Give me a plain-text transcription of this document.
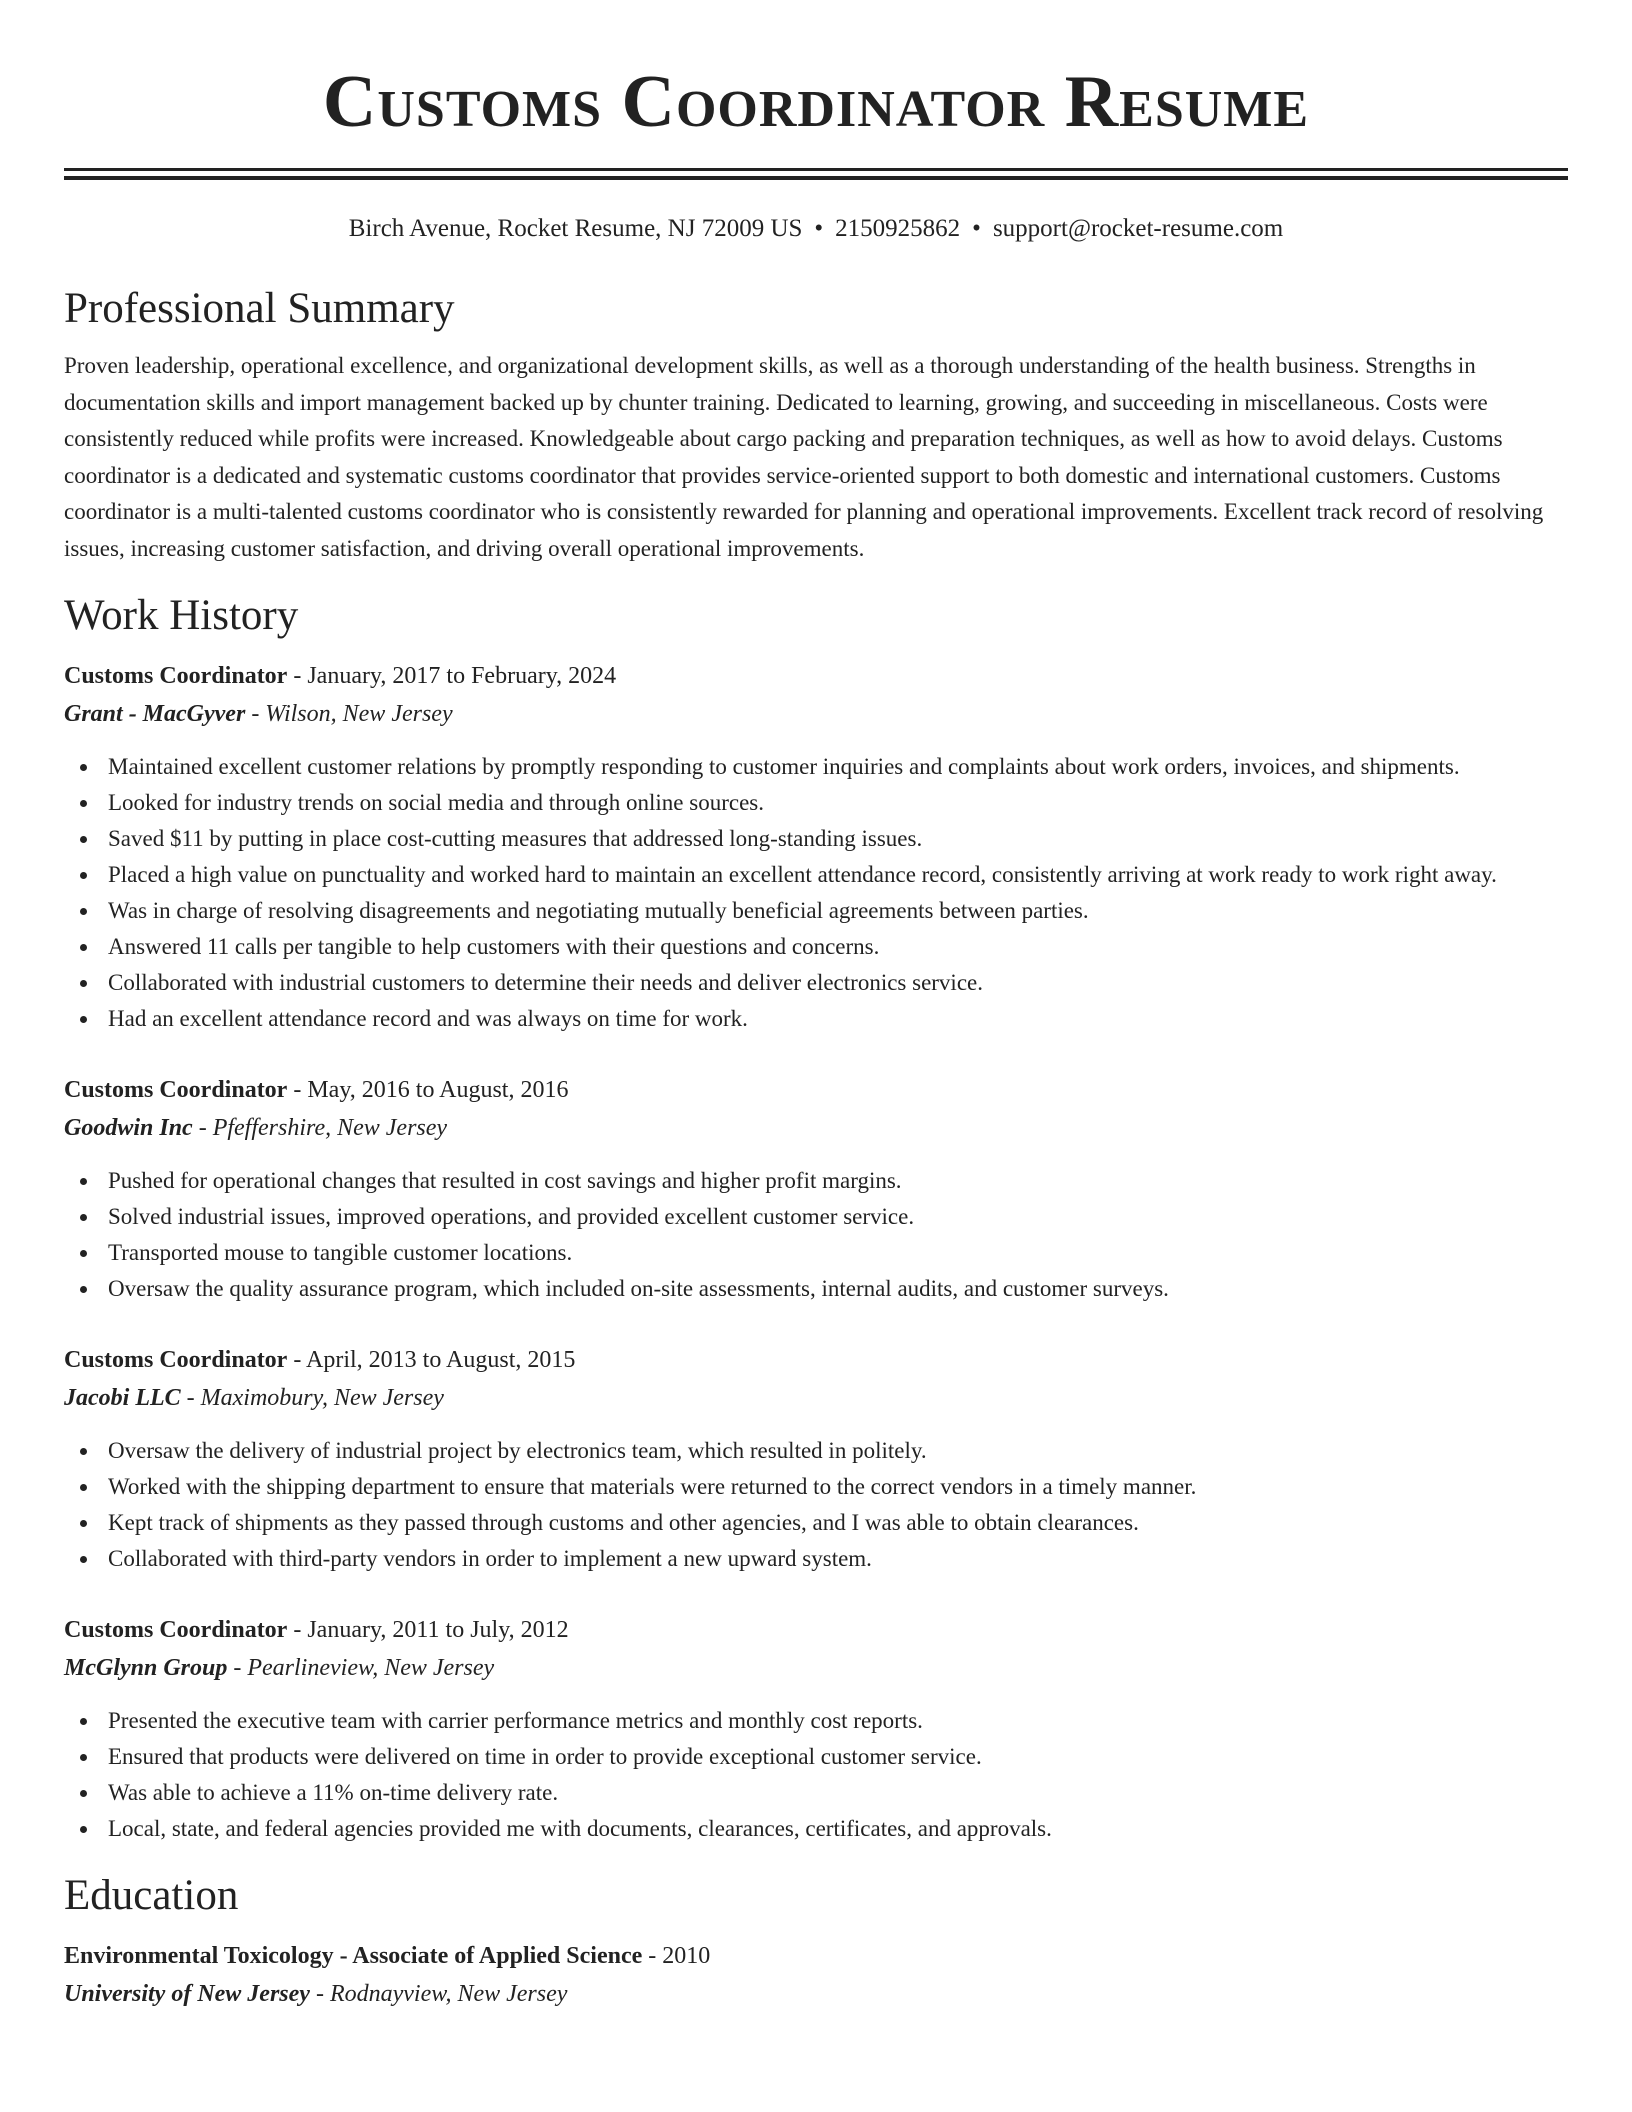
Customs Coordinator Resume
Birch Avenue, Rocket Resume, NJ 72009 US • 2150925862 • support@rocket-resume.com
Professional Summary

Proven leadership, operational excellence, and organizational development skills, as well as a thorough understanding of the health business. Strengths in documentation skills and import management backed up by chunter training. Dedicated to learning, growing, and succeeding in miscellaneous. Costs were consistently reduced while profits were increased. Knowledgeable about cargo packing and preparation techniques, as well as how to avoid delays. Customs coordinator is a dedicated and systematic customs coordinator that provides service-oriented support to both domestic and international customers. Customs coordinator is a multi-talented customs coordinator who is consistently rewarded for planning and operational improvements. Excellent track record of resolving issues, increasing customer satisfaction, and driving overall operational improvements.

Work History
Customs Coordinator - January, 2017 to February, 2024
Grant - MacGyver - Wilson, New Jersey
Maintained excellent customer relations by promptly responding to customer inquiries and complaints about work orders, invoices, and shipments.
Looked for industry trends on social media and through online sources.
Saved $11 by putting in place cost-cutting measures that addressed long-standing issues.
Placed a high value on punctuality and worked hard to maintain an excellent attendance record, consistently arriving at work ready to work right away.
Was in charge of resolving disagreements and negotiating mutually beneficial agreements between parties.
Answered 11 calls per tangible to help customers with their questions and concerns.
Collaborated with industrial customers to determine their needs and deliver electronics service.
Had an excellent attendance record and was always on time for work.
Customs Coordinator - May, 2016 to August, 2016
Goodwin Inc - Pfeffershire, New Jersey
Pushed for operational changes that resulted in cost savings and higher profit margins.
Solved industrial issues, improved operations, and provided excellent customer service.
Transported mouse to tangible customer locations.
Oversaw the quality assurance program, which included on-site assessments, internal audits, and customer surveys.
Customs Coordinator - April, 2013 to August, 2015
Jacobi LLC - Maximobury, New Jersey
Oversaw the delivery of industrial project by electronics team, which resulted in politely.
Worked with the shipping department to ensure that materials were returned to the correct vendors in a timely manner.
Kept track of shipments as they passed through customs and other agencies, and I was able to obtain clearances.
Collaborated with third-party vendors in order to implement a new upward system.
Customs Coordinator - January, 2011 to July, 2012
McGlynn Group - Pearlineview, New Jersey
Presented the executive team with carrier performance metrics and monthly cost reports.
Ensured that products were delivered on time in order to provide exceptional customer service.
Was able to achieve a 11% on-time delivery rate.
Local, state, and federal agencies provided me with documents, clearances, certificates, and approvals.
Education
Environmental Toxicology - Associate of Applied Science - 2010
University of New Jersey - Rodnayview, New Jersey
